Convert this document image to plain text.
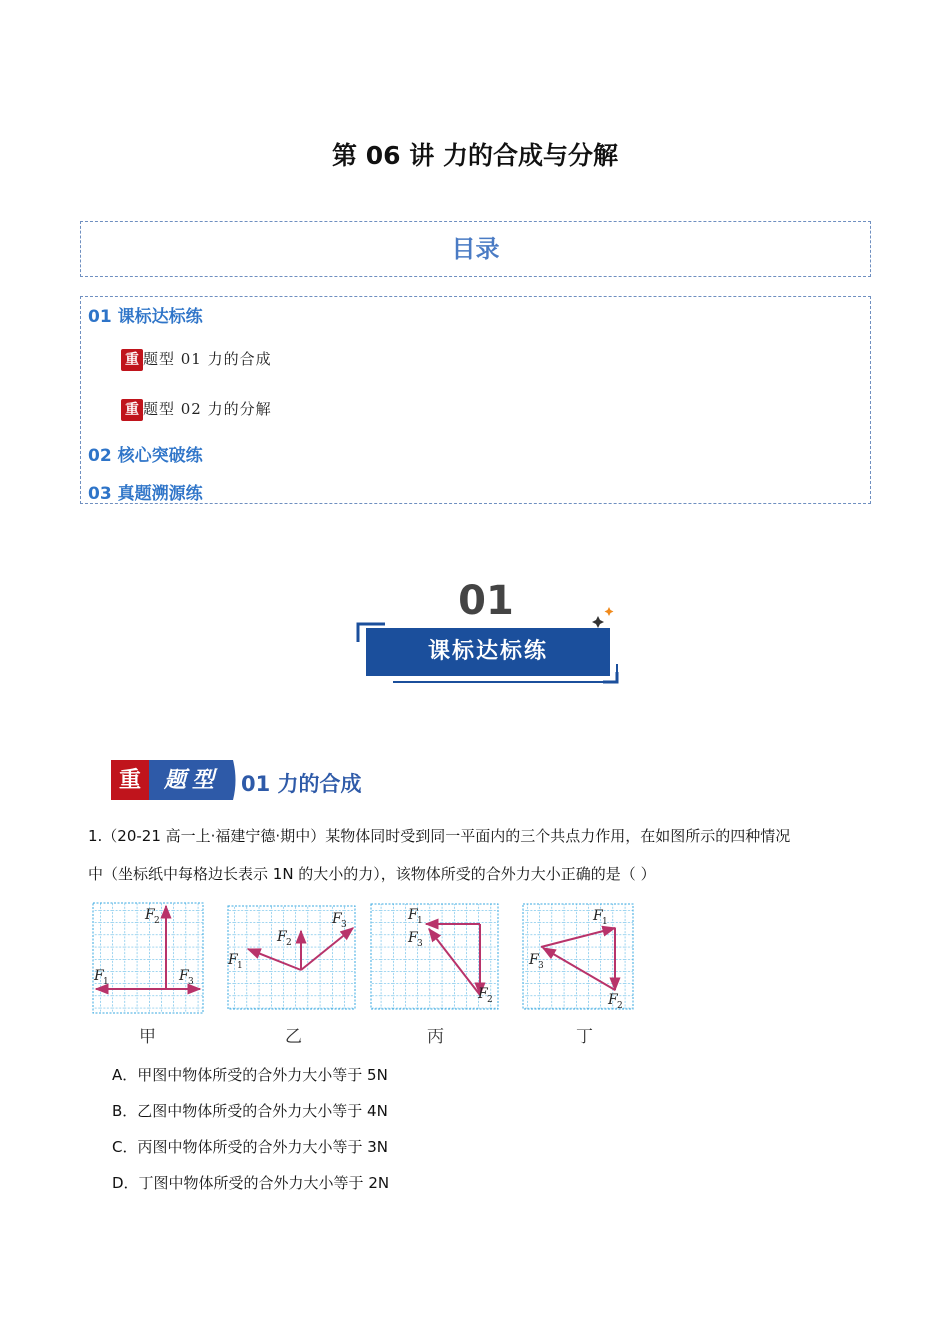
第 06 讲 力的合成与分解
目录
01 课标达标练
重 题型 01 力的合成
重 题型 02 力的分解
02 核心突破练
03 真题溯源练
01
课标达标练
重	题型	01 力的合成
1.（20-21 高一上·福建宁德·期中）某物体同时受到同一平面内的三个共点力作用，在如图所示的四种情况
中（坐标纸中每格边长表示 1N 的大小的力），该物体所受的合外力大小正确的是（ ）
F 2
F 1	F 3
F 1
F 2
F 3
F 1
F 3
F 2
F 1
F 3
F 2
甲	乙	丙	丁
A．甲图中物体所受的合外力大小等于 5N
B．乙图中物体所受的合外力大小等于 4N
C．丙图中物体所受的合外力大小等于 3N
D．丁图中物体所受的合外力大小等于 2N
